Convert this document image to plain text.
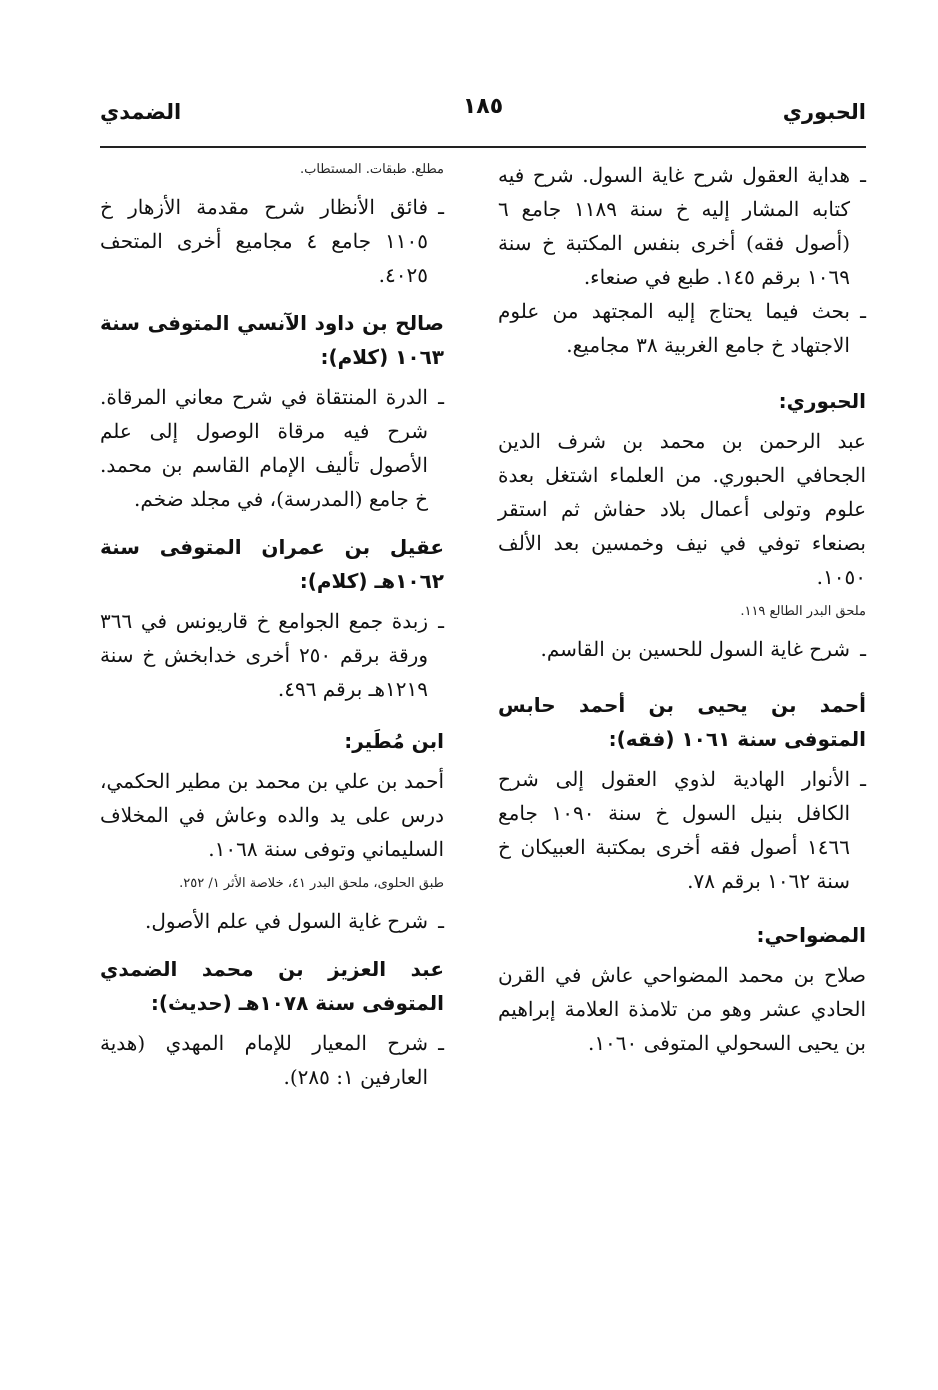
الحبوري
١٨٥
الضمدي

ـ
هداية العقول شرح غاية السول. شرح فيه كتابه المشار إليه خ سنة ١١٨٩ جامع ٦ (أصول فقه) أخرى بنفس المكتبة خ سنة ١٠٦٩ برقم ١٤٥. طبع في صنعاء.

ـ
بحث فيما يحتاج إليه المجتهد من علوم الاجتهاد خ جامع الغربية ٣٨ مجاميع.

الحبوري:

عبد الرحمن بن محمد بن شرف الدين الجحافي الحبوري. من العلماء اشتغل بعدة علوم وتولى أعمال بلاد حفاش ثم استقر بصنعاء توفي في نيف وخمسين بعد الألف ١٠٥٠.

ملحق البدر الطالع ١١٩.

ـ
شرح غاية السول للحسين بن القاسم.

أحمد بن يحيى بن أحمد حابس المتوفى سنة ١٠٦١ (فقه):

ـ
الأنوار الهادية لذوي العقول إلى شرح الكافل بنيل السول خ سنة ١٠٩٠ جامع ١٤٦٦ أصول فقه أخرى بمكتبة العبيكان خ سنة ١٠٦٢ برقم ٧٨.

المضواحي:

صلاح بن محمد المضواحي عاش في القرن الحادي عشر وهو من تلامذة العلامة إبراهيم بن يحيى السحولي المتوفى ١٠٦٠.

مطلع. طبقات. المستطاب.

ـ
فائق الأنظار شرح مقدمة الأزهار خ ١١٠٥ جامع ٤ مجاميع أخرى المتحف ٤٠٢٥.

صالح بن داود الآنسي المتوفى سنة ١٠٦٣ (كلام):

ـ
الدرة المنتقاة في شرح معاني المرقاة. شرح فيه مرقاة الوصول إلى علم الأصول تأليف الإمام القاسم بن محمد. خ جامع (المدرسة)، في مجلد ضخم.

عقيل بن عمران المتوفى سنة ١٠٦٢هـ (كلام):

ـ
زبدة جمع الجوامع خ قاريونس في ٣٦٦ ورقة برقم ٢٥٠ أخرى خدابخش خ سنة ١٢١٩هـ برقم ٤٩٦.

ابن مُطَير:

أحمد بن علي بن محمد بن مطير الحكمي، درس على يد والده وعاش في المخلاف السليماني وتوفى سنة ١٠٦٨.

طبق الحلوى، ملحق البدر ٤١، خلاصة الأثر ١/ ٢٥٢.

ـ
شرح غاية السول في علم الأصول.

عبد العزيز بن محمد الضمدي المتوفى سنة ١٠٧٨هـ (حديث):

ـ
شرح المعيار للإمام المهدي (هدية العارفين ١: ٢٨٥).
